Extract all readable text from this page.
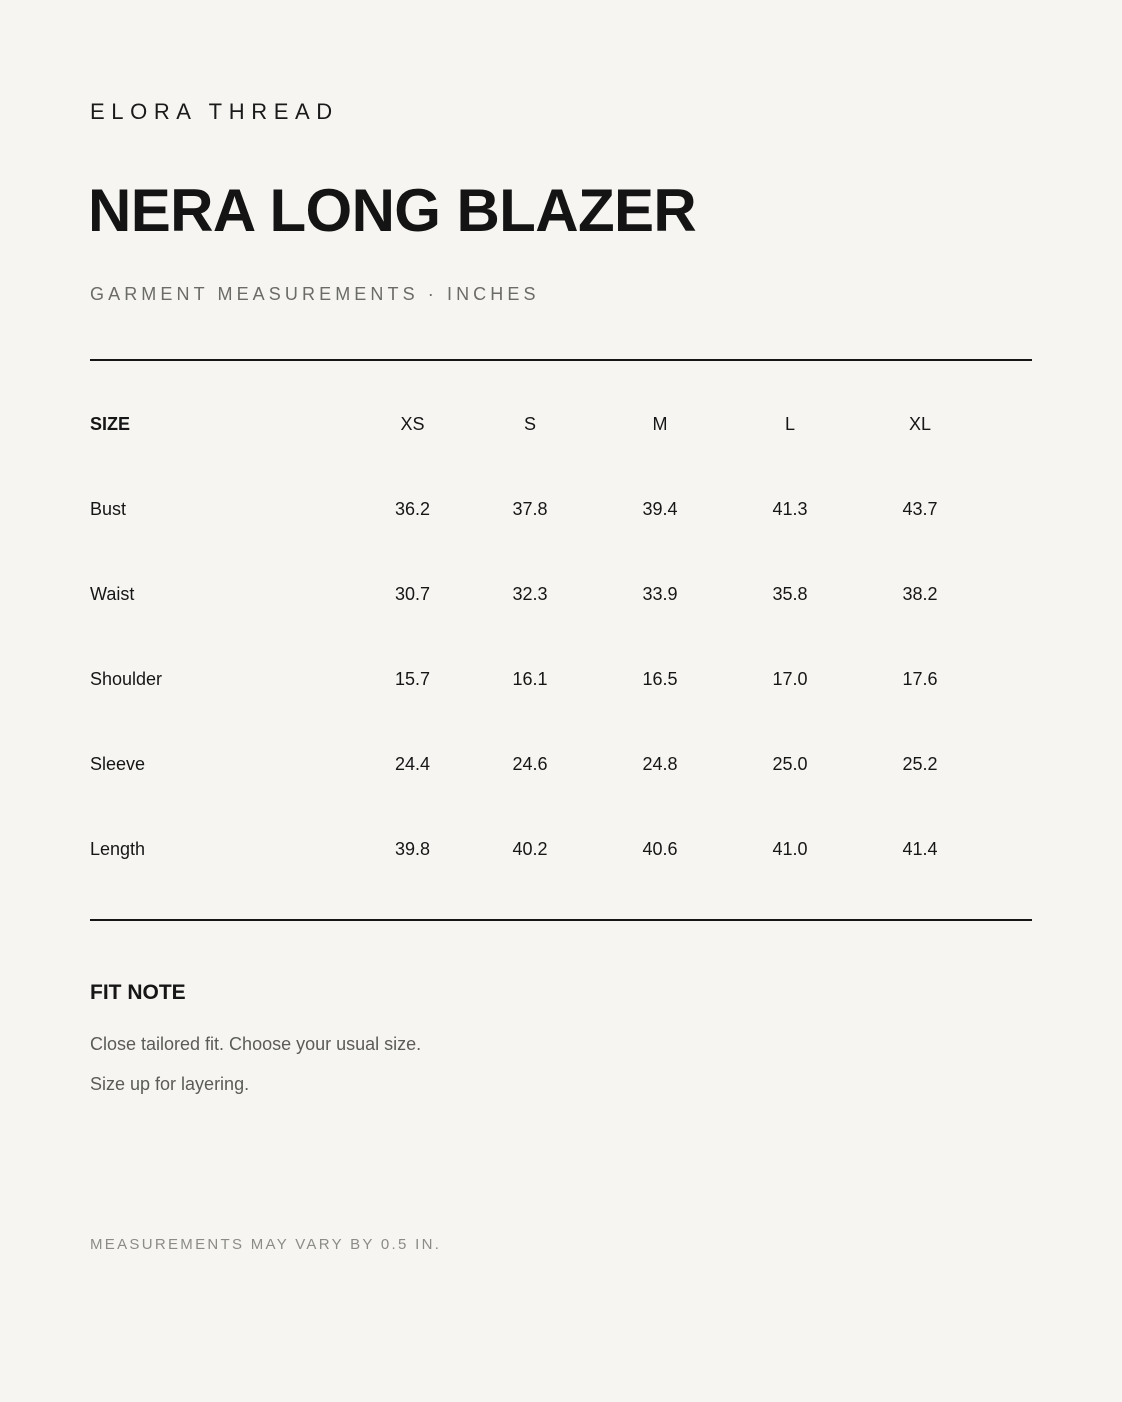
ELORA THREAD
NERA LONG BLAZER
GARMENT MEASUREMENTS · INCHES
SIZE	XS	S	M	L	XL	
Bust	36.2	37.8	39.4	41.3	43.7	
Waist	30.7	32.3	33.9	35.8	38.2	
Shoulder	15.7	16.1	16.5	17.0	17.6	
Sleeve	24.4	24.6	24.8	25.0	25.2	
Length	39.8	40.2	40.6	41.0	41.4	
FIT NOTE
Close tailored fit. Choose your usual size.
Size up for layering.
MEASUREMENTS MAY VARY BY 0.5 IN.
